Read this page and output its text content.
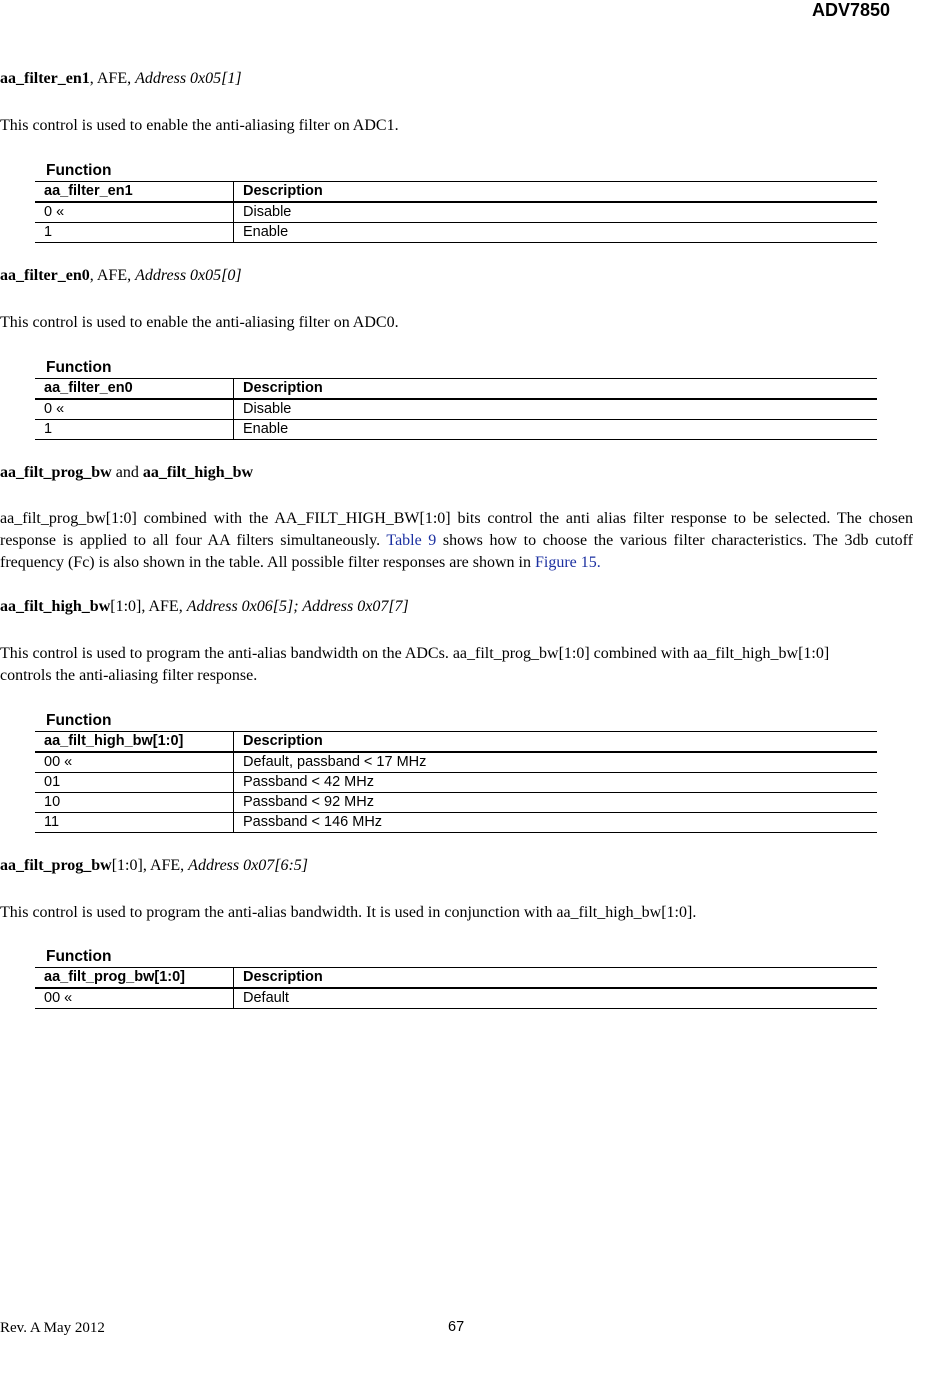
ADV7850
aa_filter_en1, AFE, Address 0x05[1]
This control is used to enable the anti-aliasing filter on ADC1.
Function
aa_filter_en1	Description
0 «	Disable
1	Enable
aa_filter_en0, AFE, Address 0x05[0]
This control is used to enable the anti-aliasing filter on ADC0.
Function
aa_filter_en0	Description
0 «	Disable
1	Enable
aa_filt_prog_bw and aa_filt_high_bw
aa_filt_prog_bw[1:0] combined with the AA_FILT_HIGH_BW[1:0] bits control the anti alias filter response to be selected. The chosen response is applied to all four AA filters simultaneously. Table 9 shows how to choose the various filter characteristics. The 3db cutoff frequency (Fc) is also shown in the table. All possible filter responses are shown in Figure 15.
aa_filt_high_bw[1:0], AFE, Address 0x06[5]; Address 0x07[7]
This control is used to program the anti-alias bandwidth on the ADCs. aa_filt_prog_bw[1:0] combined with aa_filt_high_bw[1:0] controls the anti-aliasing filter response.
Function
aa_filt_high_bw[1:0]	Description
00 «	Default, passband < 17 MHz
01	Passband < 42 MHz
10	Passband < 92 MHz
11	Passband < 146 MHz
aa_filt_prog_bw[1:0], AFE, Address 0x07[6:5]
This control is used to program the anti-alias bandwidth. It is used in conjunction with aa_filt_high_bw[1:0].
Function
aa_filt_prog_bw[1:0]	Description
00 «	Default
Rev. A May 2012	67
